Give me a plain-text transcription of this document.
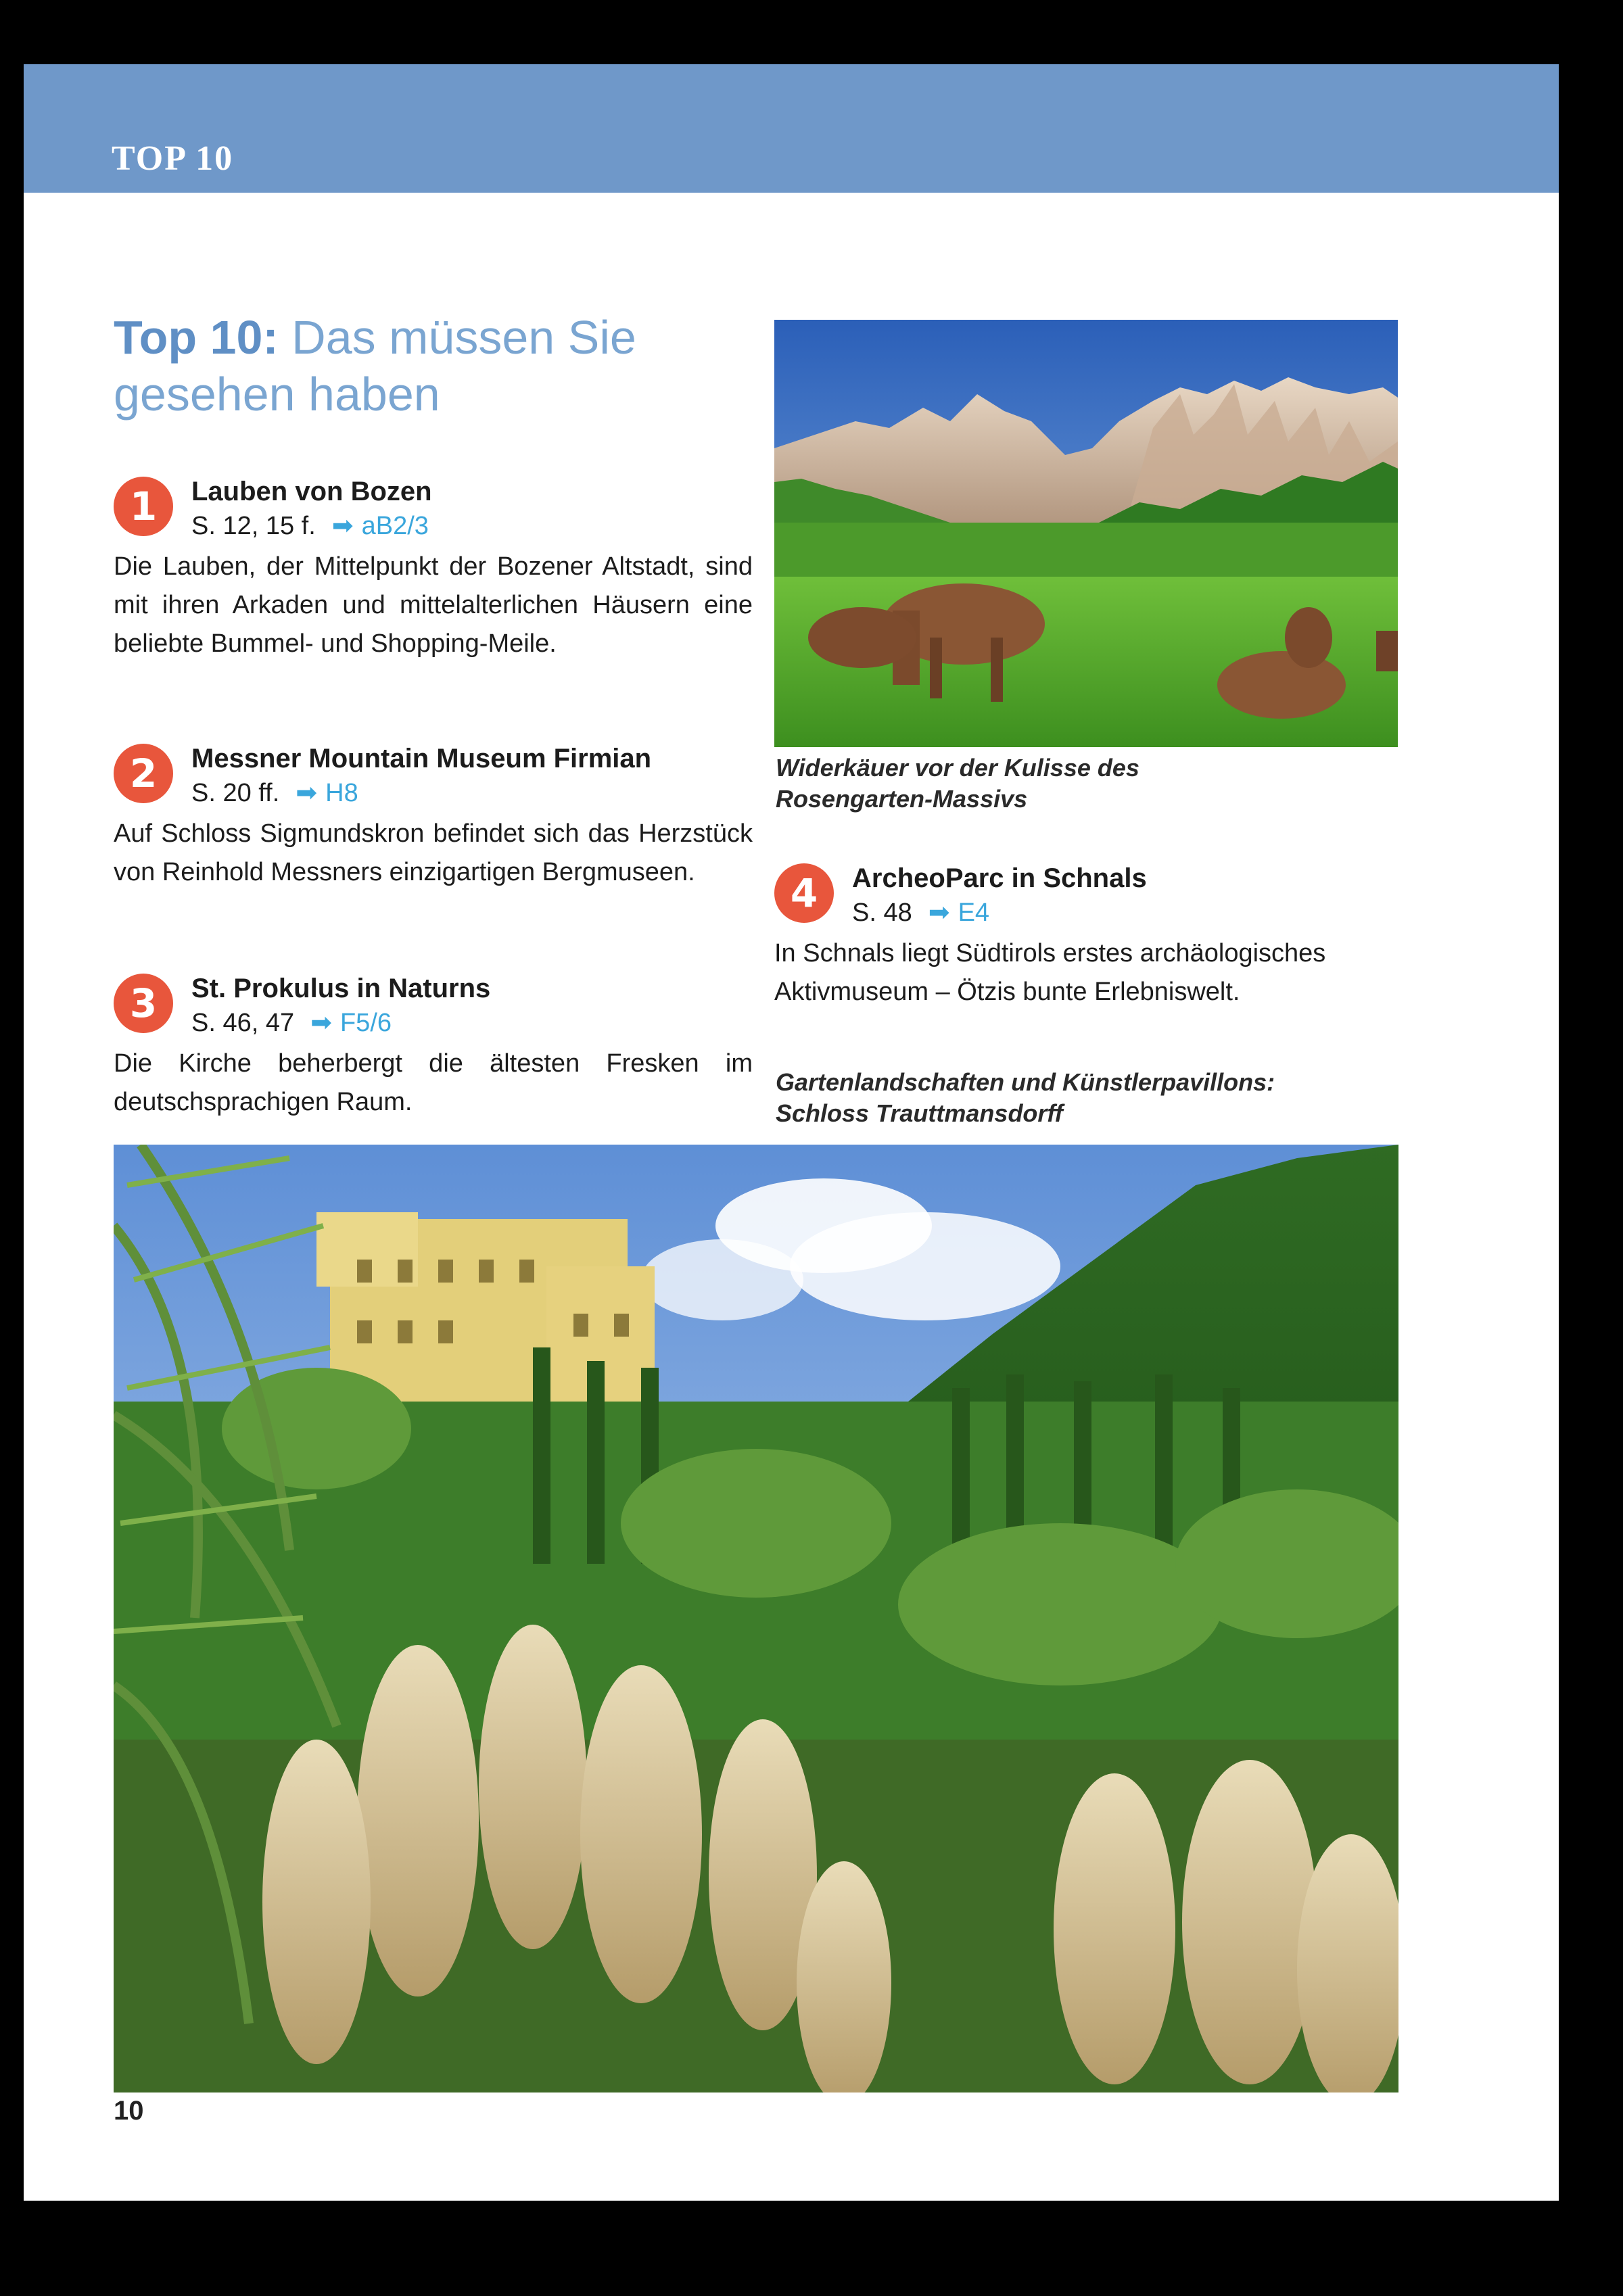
TOP 10
Top 10: Das müssen Sie gesehen haben
1	Lauben von Bozen
S. 12, 15 f. ➡ aB2/3

Die Lauben, der Mittelpunkt der Bozener Altstadt, sind mit ihren Arkaden und mittelalterlichen Häusern eine beliebte Bummel- und Shopping-Meile.

2	Messner Mountain Museum Firmian
S. 20 ff. ➡ H8

Auf Schloss Sigmundskron befindet sich das Herzstück von Reinhold Messners einzigartigen Bergmuseen.

3	St. Prokulus in Naturns
S. 46, 47 ➡ F5/6

Die Kirche beherbergt die ältesten Fresken im deutschsprachigen Raum.

Widerkäuer vor der Kulisse des Rosengarten-Massivs

4	ArcheoParc in Schnals
S. 48 ➡ E4

In Schnals liegt Südtirols erstes archäologisches Aktivmuseum – Ötzis bunte Erlebniswelt.

Gartenlandschaften und Künstlerpavillons: Schloss Trauttmansdorff

10
